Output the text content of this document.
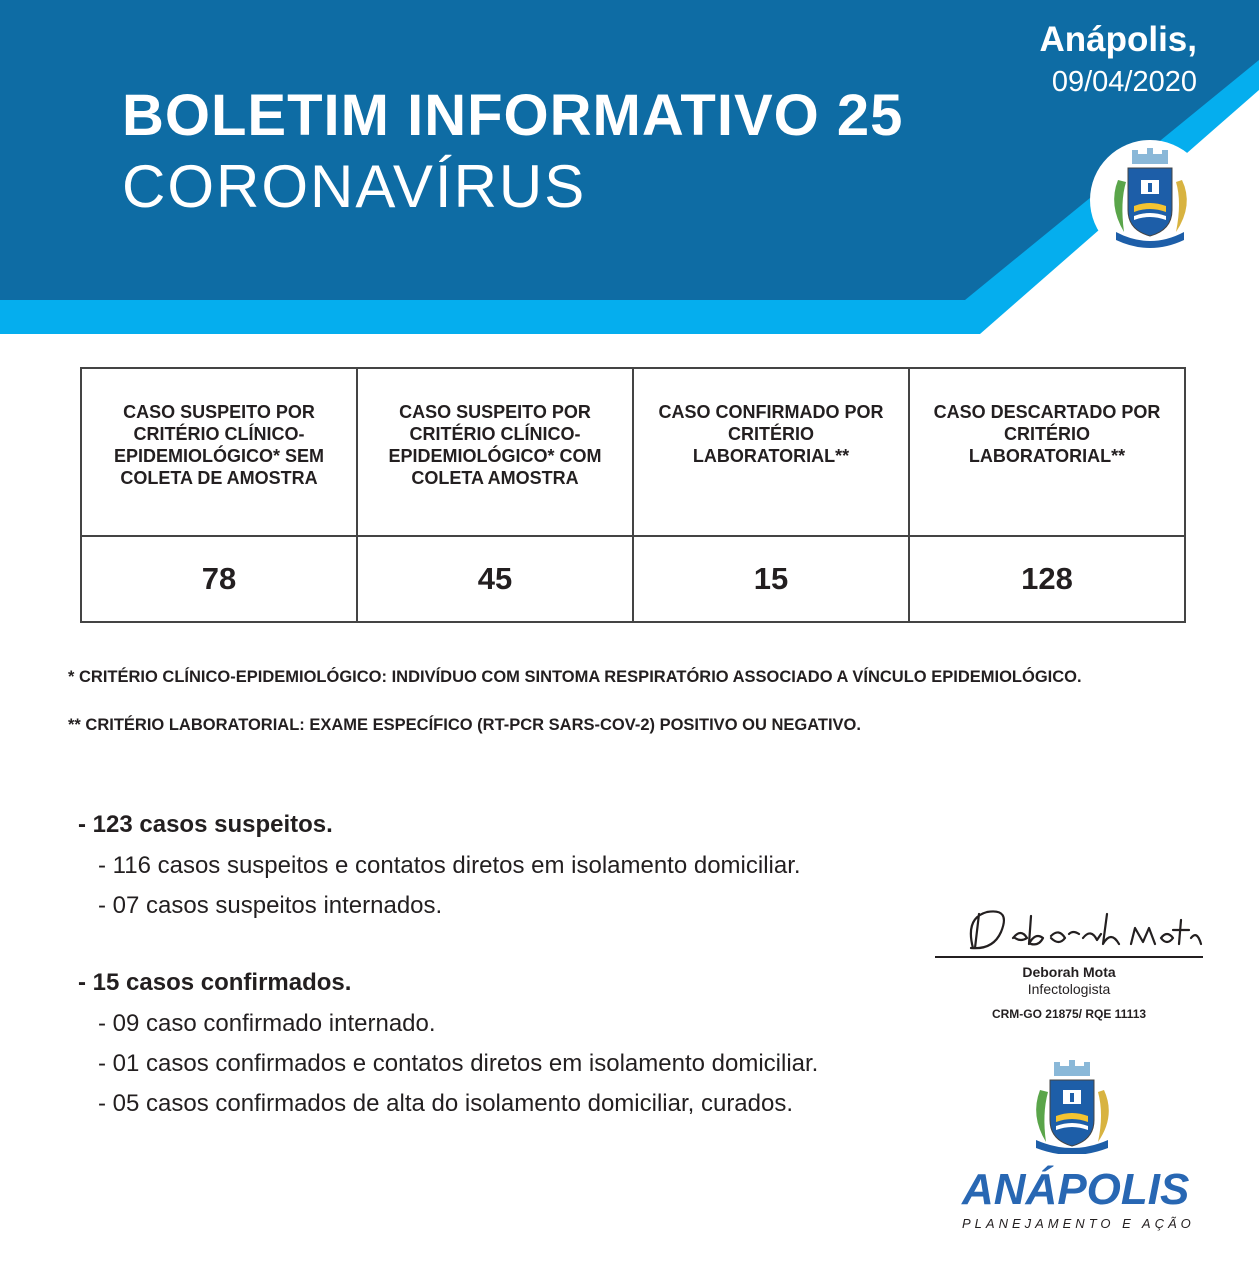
BOLETIM INFORMATIVO 25
CORONAVÍRUS
Anápolis,
09/04/2020
CASO SUSPEITO POR CRITÉRIO CLÍNICO-EPIDEMIOLÓGICO* SEM COLETA DE AMOSTRA	CASO SUSPEITO POR CRITÉRIO CLÍNICO-EPIDEMIOLÓGICO* COM COLETA AMOSTRA	CASO CONFIRMADO POR CRITÉRIO LABORATORIAL**	CASO DESCARTADO POR CRITÉRIO LABORATORIAL**
78	45	15	128
* CRITÉRIO CLÍNICO-EPIDEMIOLÓGICO: INDIVÍDUO COM SINTOMA RESPIRATÓRIO ASSOCIADO A VÍNCULO EPIDEMIOLÓGICO.
** CRITÉRIO LABORATORIAL: EXAME ESPECÍFICO (RT-PCR SARS-COV-2) POSITIVO OU NEGATIVO.
- 123 casos suspeitos.
- 116 casos suspeitos e contatos diretos em isolamento domiciliar.
- 07 casos suspeitos internados.
- 15 casos confirmados.
- 09 caso confirmado internado.
- 01 casos confirmados e contatos diretos em isolamento domiciliar.
- 05 casos confirmados de alta do isolamento domiciliar, curados.
Deborah Mota
Infectologista
CRM-GO 21875/ RQE 11113
ANÁPOLIS
PLANEJAMENTO E AÇÃO
